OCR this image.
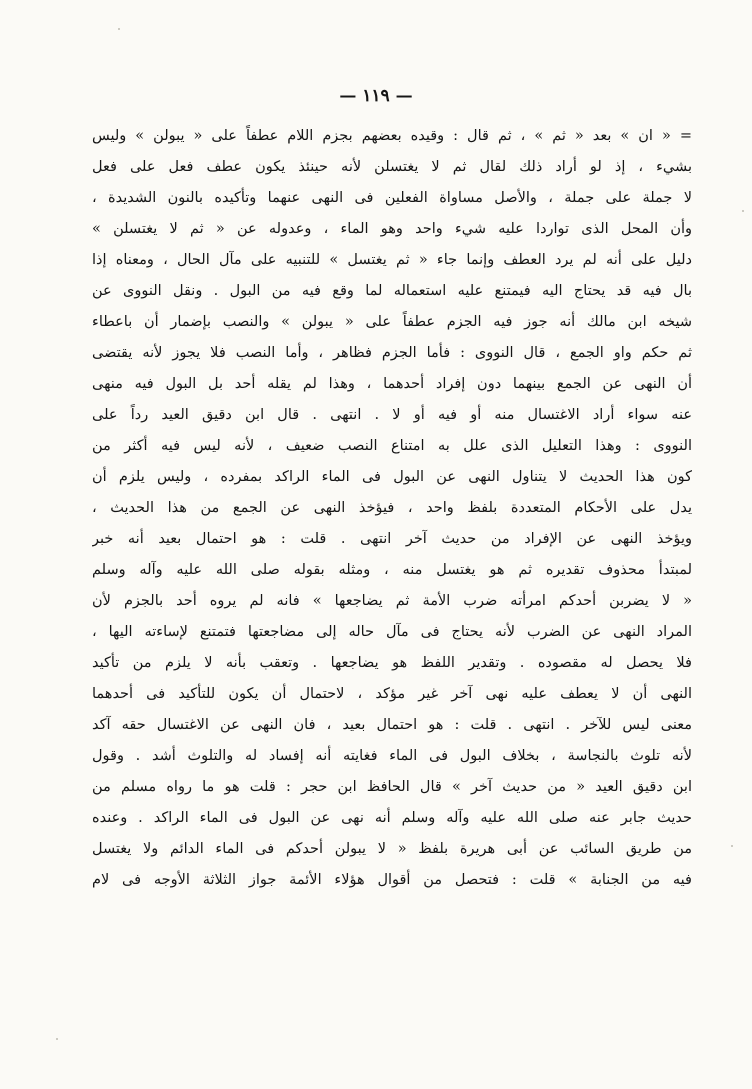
— ١١٩ —
= « ان » بعد « ثم » ، ثم قال : وقيده بعضهم بجزم اللام عطفاً على « يبولن » وليس
بشيء ، إذ لو أراد ذلك لقال ثم لا يغتسلن لأنه حينئذ يكون عطف فعل على فعل
لا جملة على جملة ، والأصل مساواة الفعلين فى النهى عنهما وتأكيده بالنون الشديدة ،
وأن المحل الذى تواردا عليه شيء واحد وهو الماء ، وعدوله عن « ثم لا يغتسلن »
دليل على أنه لم يرد العطف وإنما جاء « ثم يغتسل » للتنبيه على مآل الحال ، ومعناه إذا
بال فيه قد يحتاج اليه فيمتنع عليه استعماله لما وقع فيه من البول . ونقل النووى عن
شيخه ابن مالك أنه جوز فيه الجزم عطفاً على « يبولن » والنصب بإضمار أن باعطاء
ثم حكم واو الجمع ، قال النووى : فأما الجزم فظاهر ، وأما النصب فلا يجوز لأنه يقتضى
أن النهى عن الجمع بينهما دون إفراد أحدهما ، وهذا لم يقله أحد بل البول فيه منهى
عنه سواء أراد الاغتسال منه أو فيه أو لا . انتهى . قال ابن دقيق العيد رداً على
النووى : وهذا التعليل الذى علل به امتناع النصب ضعيف ، لأنه ليس فيه أكثر من
كون هذا الحديث لا يتناول النهى عن البول فى الماء الراكد بمفرده ، وليس يلزم أن
يدل على الأحكام المتعددة بلفظ واحد ، فيؤخذ النهى عن الجمع من هذا الحديث ،
ويؤخذ النهى عن الإفراد من حديث آخر انتهى . قلت : هو احتمال بعيد أنه خبر
لمبتدأ محذوف تقديره ثم هو يغتسل منه ، ومثله بقوله صلى الله عليه وآله وسلم
« لا يضربن أحدكم امرأته ضرب الأمة ثم يضاجعها » فانه لم يروه أحد بالجزم لأن
المراد النهى عن الضرب لأنه يحتاج فى مآل حاله إلى مضاجعتها فتمتنع لإساءته اليها ،
فلا يحصل له مقصوده . وتقدير اللفظ هو يضاجعها . وتعقب بأنه لا يلزم من تأكيد
النهى أن لا يعطف عليه نهى آخر غير مؤكد ، لاحتمال أن يكون للتأكيد فى أحدهما
معنى ليس للآخر . انتهى . قلت : هو احتمال بعيد ، فان النهى عن الاغتسال حقه آكد
لأنه تلوث بالنجاسة ، بخلاف البول فى الماء فغايته أنه إفساد له والتلوث أشد . وقول
ابن دقيق العيد « من حديث آخر » قال الحافظ ابن حجر : قلت هو ما رواه مسلم من
حديث جابر عنه صلى الله عليه وآله وسلم أنه نهى عن البول فى الماء الراكد . وعنده
من طريق السائب عن أبى هريرة بلفظ « لا يبولن أحدكم فى الماء الدائم ولا يغتسل
فيه من الجنابة » قلت : فتحصل من أقوال هؤلاء الأئمة جواز الثلاثة الأوجه فى لام
